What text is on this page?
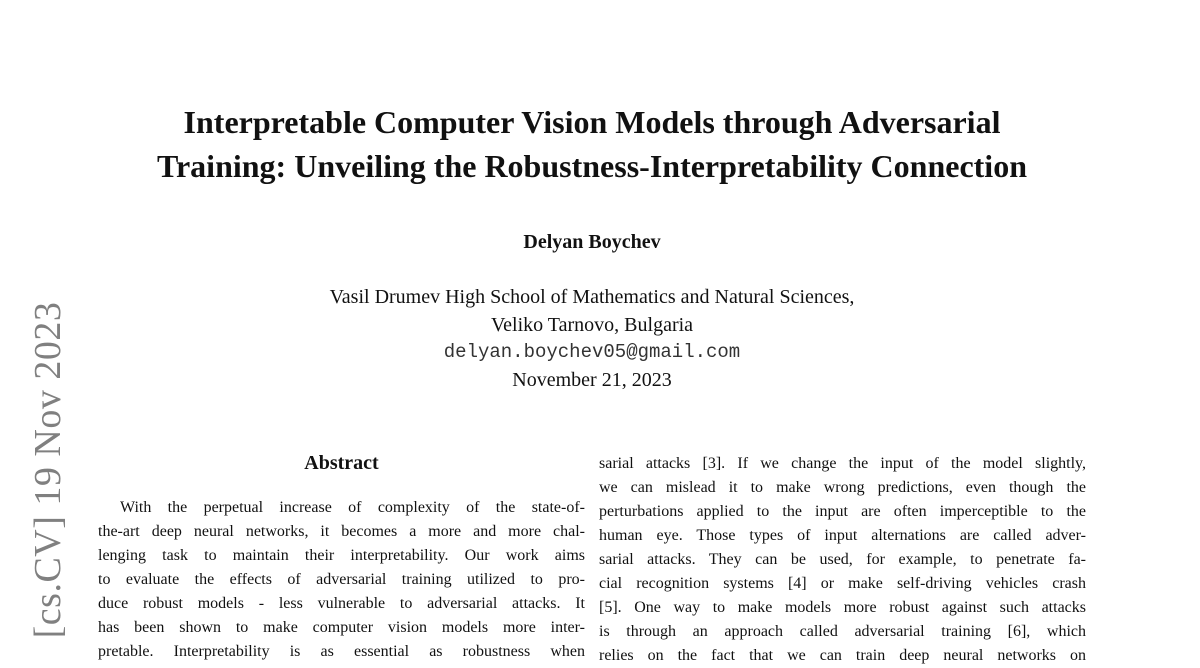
[cs.CV] 19 Nov 2023
Interpretable Computer Vision Models through Adversarial
Training: Unveiling the Robustness-Interpretability Connection
Delyan Boychev
Vasil Drumev High School of Mathematics and Natural Sciences,
Veliko Tarnovo, Bulgaria
delyan.boychev05@gmail.com
November 21, 2023
Abstract
With the perpetual increase of complexity of the state-of-
the-art deep neural networks, it becomes a more and more chal-
lenging task to maintain their interpretability. Our work aims
to evaluate the effects of adversarial training utilized to pro-
duce robust models - less vulnerable to adversarial attacks. It
has been shown to make computer vision models more inter-
pretable. Interpretability is as essential as robustness when
sarial attacks [3]. If we change the input of the model slightly,
we can mislead it to make wrong predictions, even though the
perturbations applied to the input are often imperceptible to the
human eye. Those types of input alternations are called adver-
sarial attacks. They can be used, for example, to penetrate fa-
cial recognition systems [4] or make self-driving vehicles crash
[5]. One way to make models more robust against such attacks
is through an approach called adversarial training [6], which
relies on the fact that we can train deep neural networks on
